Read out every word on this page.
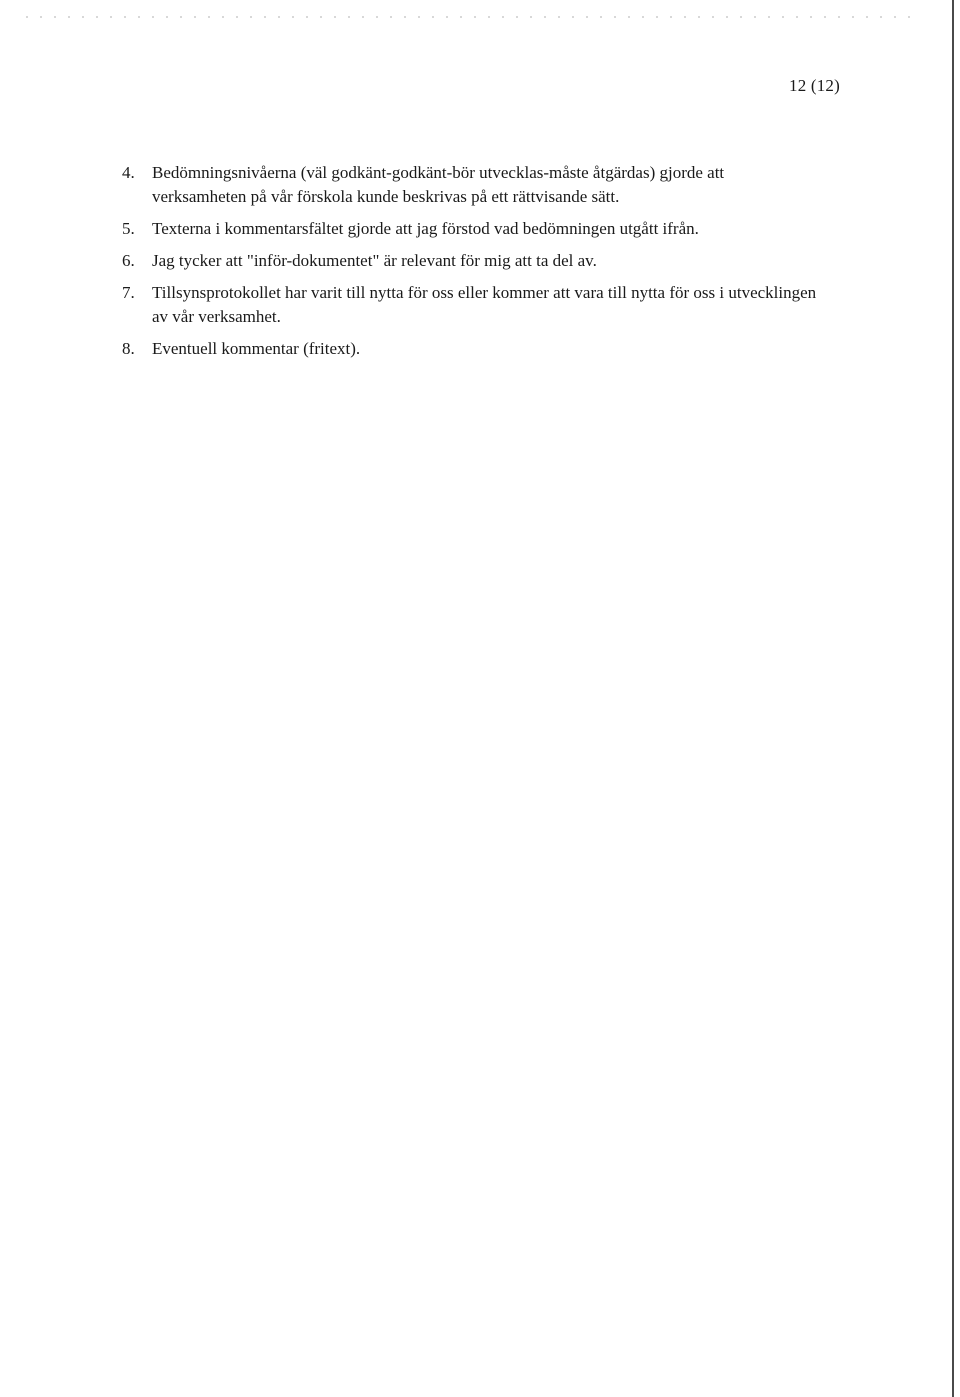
12 (12)
4. Bedömningsnivåerna (väl godkänt-godkänt-bör utvecklas-måste åtgärdas) gjorde att verksamheten på vår förskola kunde beskrivas på ett rättvisande sätt.
5. Texterna i kommentarsfältet gjorde att jag förstod vad bedömningen utgått ifrån.
6. Jag tycker att "inför-dokumentet" är relevant för mig att ta del av.
7. Tillsynsprotokollet har varit till nytta för oss eller kommer att vara till nytta för oss i utvecklingen av vår verksamhet.
8. Eventuell kommentar (fritext).
